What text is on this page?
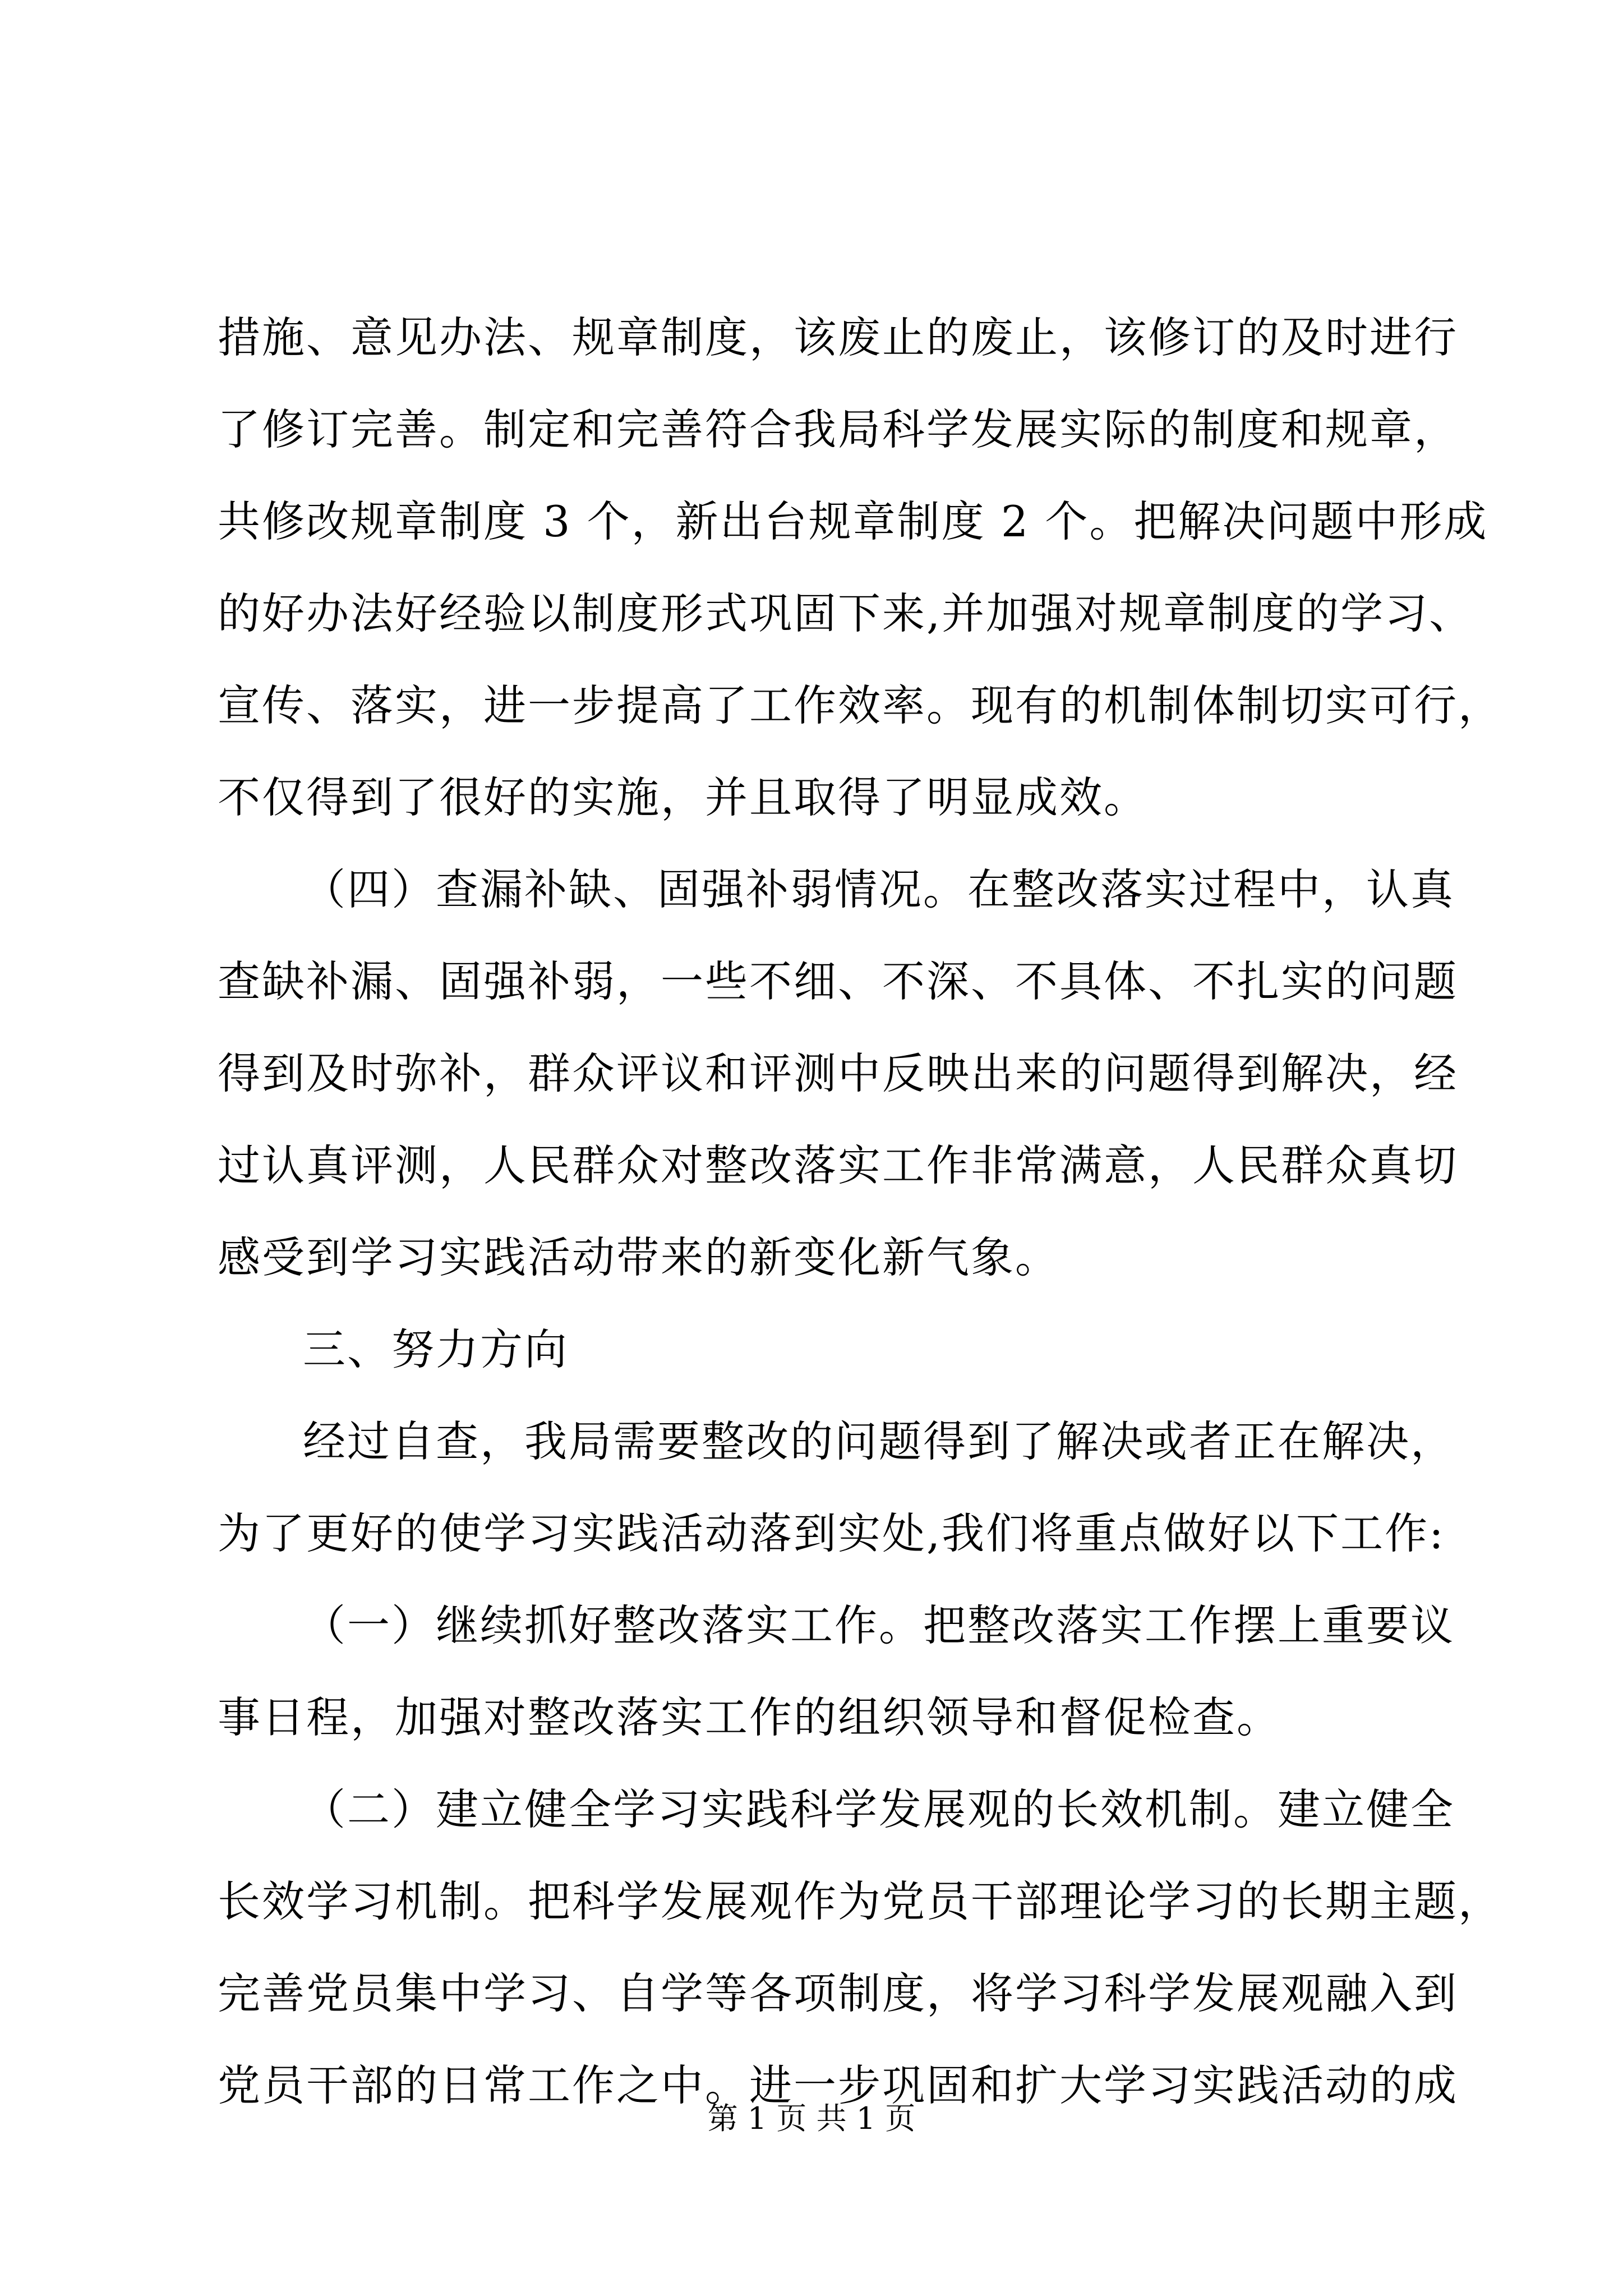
措施、意见办法、规章制度，该废止的废止，该修订的及时进行
了修订完善。制定和完善符合我局科学发展实际的制度和规章，
共修改规章制度 3 个，新出台规章制度 2 个。把解决问题中形成
的好办法好经验以制度形式巩固下来,并加强对规章制度的学习、
宣传、落实，进一步提高了工作效率。现有的机制体制切实可行，
不仅得到了很好的实施，并且取得了明显成效。
（四）查漏补缺、固强补弱情况。在整改落实过程中，认真
查缺补漏、固强补弱，一些不细、不深、不具体、不扎实的问题
得到及时弥补，群众评议和评测中反映出来的问题得到解决，经
过认真评测，人民群众对整改落实工作非常满意，人民群众真切
感受到学习实践活动带来的新变化新气象。
三、努力方向
经过自查，我局需要整改的问题得到了解决或者正在解决，
为了更好的使学习实践活动落到实处,我们将重点做好以下工作:
（一）继续抓好整改落实工作。把整改落实工作摆上重要议
事日程，加强对整改落实工作的组织领导和督促检查。
（二）建立健全学习实践科学发展观的长效机制。建立健全
长效学习机制。把科学发展观作为党员干部理论学习的长期主题，
完善党员集中学习、自学等各项制度，将学习科学发展观融入到
党员干部的日常工作之中。进一步巩固和扩大学习实践活动的成
第 1 页 共 1 页
